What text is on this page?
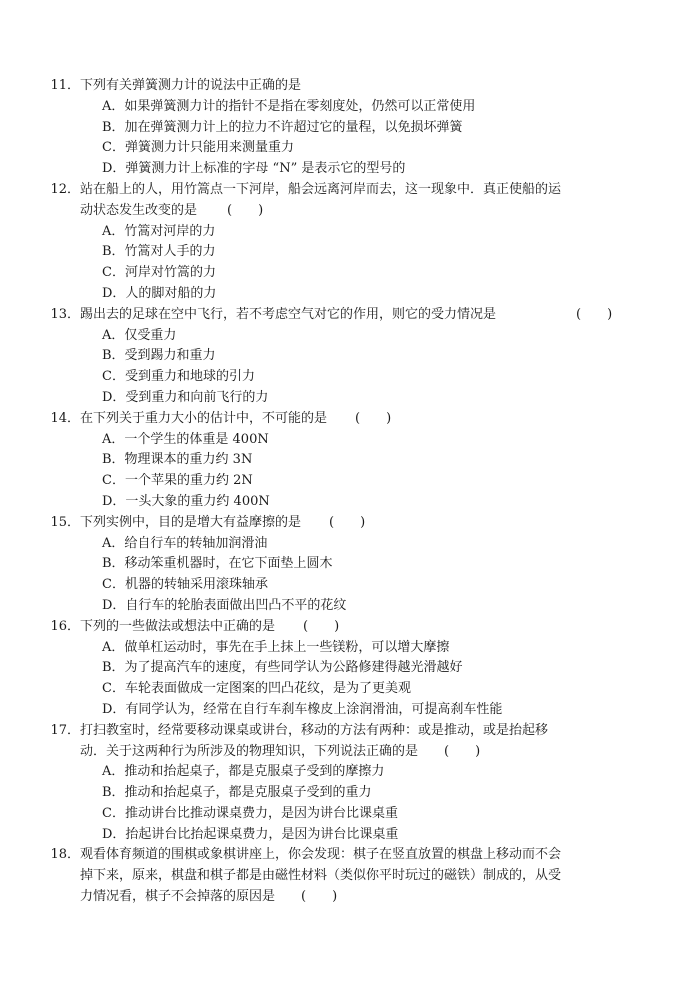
11．下列有关弹簧测力计的说法中正确的是
A．如果弹簧测力计的指针不是指在零刻度处，仍然可以正常使用
B．加在弹簧测力计上的拉力不许超过它的量程，以免损坏弹簧
C．弹簧测力计只能用来测量重力
D．弹簧测力计上标准的字母 “N” 是表示它的型号的
12．站在船上的人，用竹篙点一下河岸，船会远离河岸而去，这一现象中．真正使船的运
动状态发生改变的是 (　　)
A．竹篙对河岸的力
B．竹篙对人手的力
C．河岸对竹篙的力
D．人的脚对船的力
13．踢出去的足球在空中飞行，若不考虑空气对它的作用，则它的受力情况是	(　　)
A．仅受重力
B．受到踢力和重力
C．受到重力和地球的引力
D．受到重力和向前飞行的力
14．在下列关于重力大小的估计中，不可能的是 (　　)
A．一个学生的体重是 400N
B．物理课本的重力约 3N
C．一个苹果的重力约 2N
D．一头大象的重力约 400N
15．下列实例中，目的是增大有益摩擦的是 (　　)
A．给自行车的转轴加润滑油
B．移动笨重机器时，在它下面垫上圆木
C．机器的转轴采用滚珠轴承
D．自行车的轮胎表面做出凹凸不平的花纹
16．下列的一些做法或想法中正确的是 (　　)
A．做单杠运动时，事先在手上抹上一些镁粉，可以增大摩擦
B．为了提高汽车的速度，有些同学认为公路修建得越光滑越好
C．车轮表面做成一定图案的凹凸花纹，是为了更美观
D．有同学认为，经常在自行车刹车橡皮上涂润滑油，可提高刹车性能
17．打扫教室时，经常要移动课桌或讲台，移动的方法有两种：或是推动，或是抬起移
动．关于这两种行为所涉及的物理知识，下列说法正确的是 (　　)
A．推动和抬起桌子，都是克服桌子受到的摩擦力
B．推动和抬起桌子，都是克服桌子受到的重力
C．推动讲台比推动课桌费力，是因为讲台比课桌重
D．抬起讲台比抬起课桌费力，是因为讲台比课桌重
18．观看体育频道的围棋或象棋讲座上，你会发现：棋子在竖直放置的棋盘上移动而不会
掉下来，原来，棋盘和棋子都是由磁性材料（类似你平时玩过的磁铁）制成的，从受
力情况看，棋子不会掉落的原因是 (　　)
